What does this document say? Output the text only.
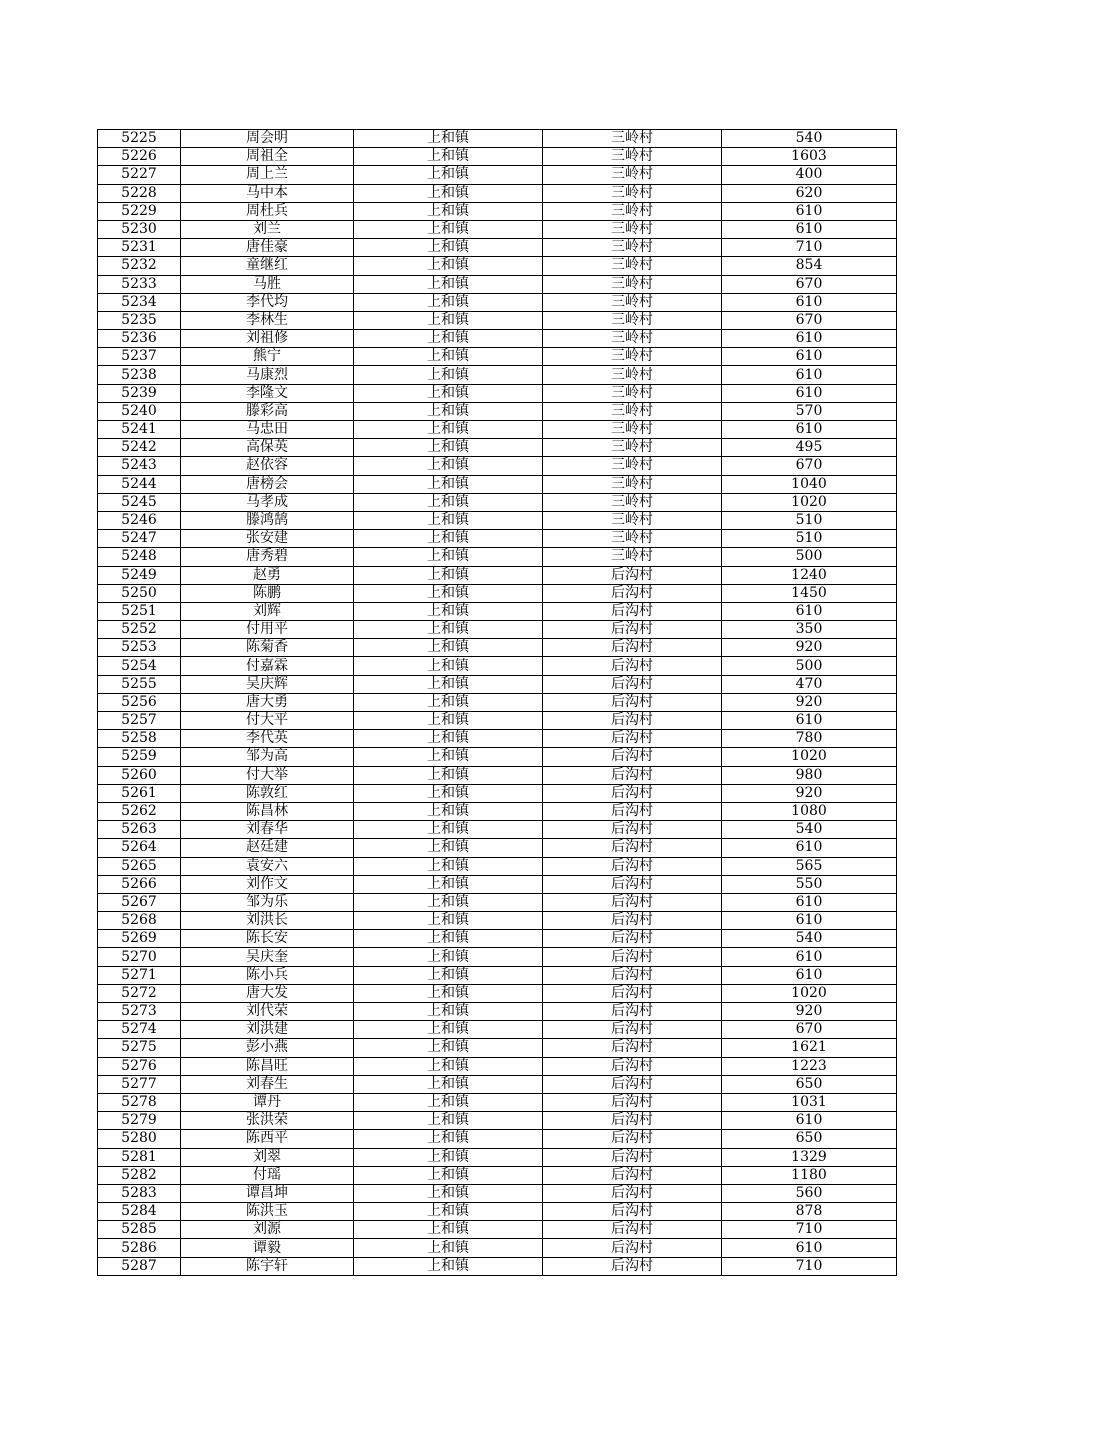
5225	周会明	上和镇	三岭村	540
5226	周祖全	上和镇	三岭村	1603
5227	周上兰	上和镇	三岭村	400
5228	马中本	上和镇	三岭村	620
5229	周杜兵	上和镇	三岭村	610
5230	刘兰	上和镇	三岭村	610
5231	唐佳豪	上和镇	三岭村	710
5232	童继红	上和镇	三岭村	854
5233	马胜	上和镇	三岭村	670
5234	李代均	上和镇	三岭村	610
5235	李林生	上和镇	三岭村	670
5236	刘祖修	上和镇	三岭村	610
5237	熊宁	上和镇	三岭村	610
5238	马康烈	上和镇	三岭村	610
5239	李隆文	上和镇	三岭村	610
5240	滕彩高	上和镇	三岭村	570
5241	马忠田	上和镇	三岭村	610
5242	高保英	上和镇	三岭村	495
5243	赵依容	上和镇	三岭村	670
5244	唐榜会	上和镇	三岭村	1040
5245	马孝成	上和镇	三岭村	1020
5246	滕鸿鹄	上和镇	三岭村	510
5247	张安建	上和镇	三岭村	510
5248	唐秀碧	上和镇	三岭村	500
5249	赵勇	上和镇	后沟村	1240
5250	陈鹏	上和镇	后沟村	1450
5251	刘辉	上和镇	后沟村	610
5252	付用平	上和镇	后沟村	350
5253	陈菊香	上和镇	后沟村	920
5254	付嘉霖	上和镇	后沟村	500
5255	吴庆辉	上和镇	后沟村	470
5256	唐大勇	上和镇	后沟村	920
5257	付大平	上和镇	后沟村	610
5258	李代英	上和镇	后沟村	780
5259	邹为高	上和镇	后沟村	1020
5260	付大举	上和镇	后沟村	980
5261	陈敦红	上和镇	后沟村	920
5262	陈昌林	上和镇	后沟村	1080
5263	刘春华	上和镇	后沟村	540
5264	赵廷建	上和镇	后沟村	610
5265	袁安六	上和镇	后沟村	565
5266	刘作文	上和镇	后沟村	550
5267	邹为乐	上和镇	后沟村	610
5268	刘洪长	上和镇	后沟村	610
5269	陈长安	上和镇	后沟村	540
5270	吴庆奎	上和镇	后沟村	610
5271	陈小兵	上和镇	后沟村	610
5272	唐大发	上和镇	后沟村	1020
5273	刘代荣	上和镇	后沟村	920
5274	刘洪建	上和镇	后沟村	670
5275	彭小燕	上和镇	后沟村	1621
5276	陈昌旺	上和镇	后沟村	1223
5277	刘春生	上和镇	后沟村	650
5278	谭丹	上和镇	后沟村	1031
5279	张洪荣	上和镇	后沟村	610
5280	陈西平	上和镇	后沟村	650
5281	刘翠	上和镇	后沟村	1329
5282	付瑶	上和镇	后沟村	1180
5283	谭昌坤	上和镇	后沟村	560
5284	陈洪玉	上和镇	后沟村	878
5285	刘源	上和镇	后沟村	710
5286	谭毅	上和镇	后沟村	610
5287	陈宇轩	上和镇	后沟村	710
